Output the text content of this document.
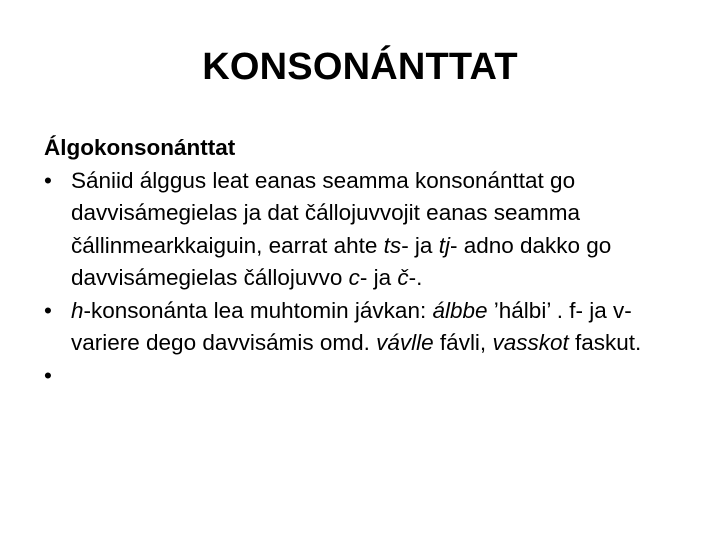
KONSONÁNTTAT

Álgokonsonánttat

• Sániid álggus leat eanas seamma konsonánttat go davvisámegielas ja dat čállojuvvojit eanas seamma čállinmearkkaiguin, earrat ahte ts- ja tj- adno dakko go davvisámegielas čállojuvvo c- ja č-.

• h-konsonánta lea muhtomin jávkan: álbbe ’hálbi’ . f- ja v- variere dego davvisámis omd. vávlle fávli, vasskot faskut.

•
